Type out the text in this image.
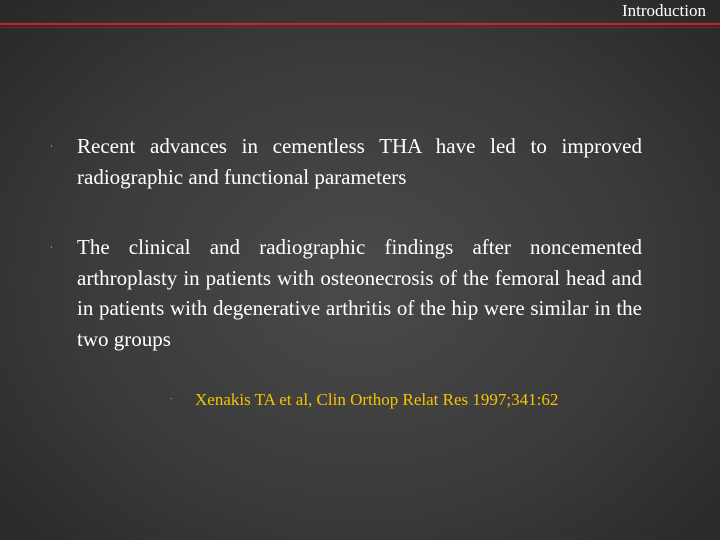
Introduction
· Recent advances in cementless THA have led to improved radiographic and functional parameters
· The clinical and radiographic findings after noncemented arthroplasty in patients with osteonecrosis of the femoral head and in patients with degenerative arthritis of the hip were similar in the two groups
· Xenakis TA et al, Clin Orthop Relat Res 1997;341:62
